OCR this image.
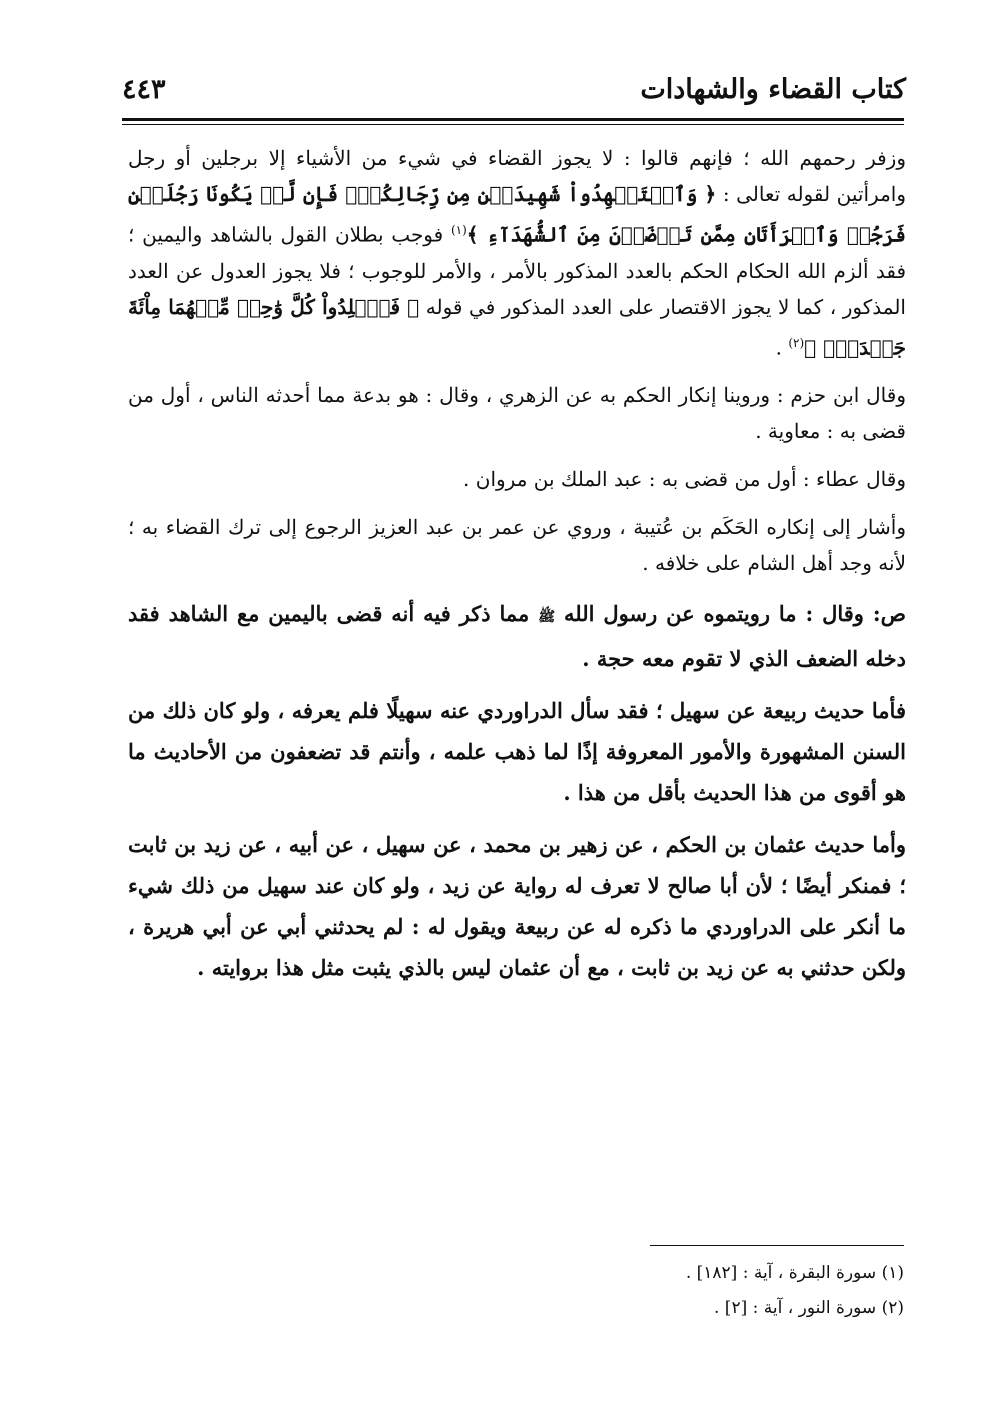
كتاب القضاء والشهادات
٤٤٣

وزفر رحمهم الله ؛ فإنهم قالوا : لا يجوز القضاء في شيء من الأشياء إلا برجلين أو رجل وامرأتين لقوله تعالى : ﴿ وَٱسۡتَشۡهِدُواْ شَهِيدَيۡنِ مِن رِّجَالِكُمۡۖ فَإِن لَّمۡ يَكُونَا رَجُلَيۡنِ فَرَجُلٞ وَٱمۡرَأَتَانِ مِمَّن تَرۡضَوۡنَ مِنَ ٱلشُّهَدَآءِ ﴾$^{(١)}$ فوجب بطلان القول بالشاهد واليمين ؛ فقد ألزم الله الحكام الحكم بالعدد المذكور بالأمر ، والأمر للوجوب ؛ فلا يجوز العدول عن العدد المذكور ، كما لا يجوز الاقتصار على العدد المذكور في قوله ﴿ فَٱجۡلِدُواْ كُلَّ وَٰحِدٖ مِّنۡهُمَا مِاْئَةَ جَلۡدَةٖۖ ﴾$^{(٢)}$ .

وقال ابن حزم : وروينا إنكار الحكم به عن الزهري ، وقال : هو بدعة مما أحدثه الناس ، أول من قضى به : معاوية .

وقال عطاء : أول من قضى به : عبد الملك بن مروان .

وأشار إلى إنكاره الحَكَم بن عُتيبة ، وروي عن عمر بن عبد العزيز الرجوع إلى ترك القضاء به ؛ لأنه وجد أهل الشام على خلافه .

ص: وقال : ما رويتموه عن رسول الله ﷺ مما ذكر فيه أنه قضى باليمين مع الشاهد فقد دخله الضعف الذي لا تقوم معه حجة .

فأما حديث ربيعة عن سهيل ؛ فقد سأل الدراوردي عنه سهيلًا فلم يعرفه ، ولو كان ذلك من السنن المشهورة والأمور المعروفة إذًا لما ذهب علمه ، وأنتم قد تضعفون من الأحاديث ما هو أقوى من هذا الحديث بأقل من هذا .

وأما حديث عثمان بن الحكم ، عن زهير بن محمد ، عن سهيل ، عن أبيه ، عن زيد بن ثابت ؛ فمنكر أيضًا ؛ لأن أبا صالح لا تعرف له رواية عن زيد ، ولو كان عند سهيل من ذلك شيء ما أنكر على الدراوردي ما ذكره له عن ربيعة ويقول له : لم يحدثني أبي عن أبي هريرة ، ولكن حدثني به عن زيد بن ثابت ، مع أن عثمان ليس بالذي يثبت مثل هذا بروايته .

(١) سورة البقرة ، آية : [١٨٢] .
(٢) سورة النور ، آية : [٢] .
